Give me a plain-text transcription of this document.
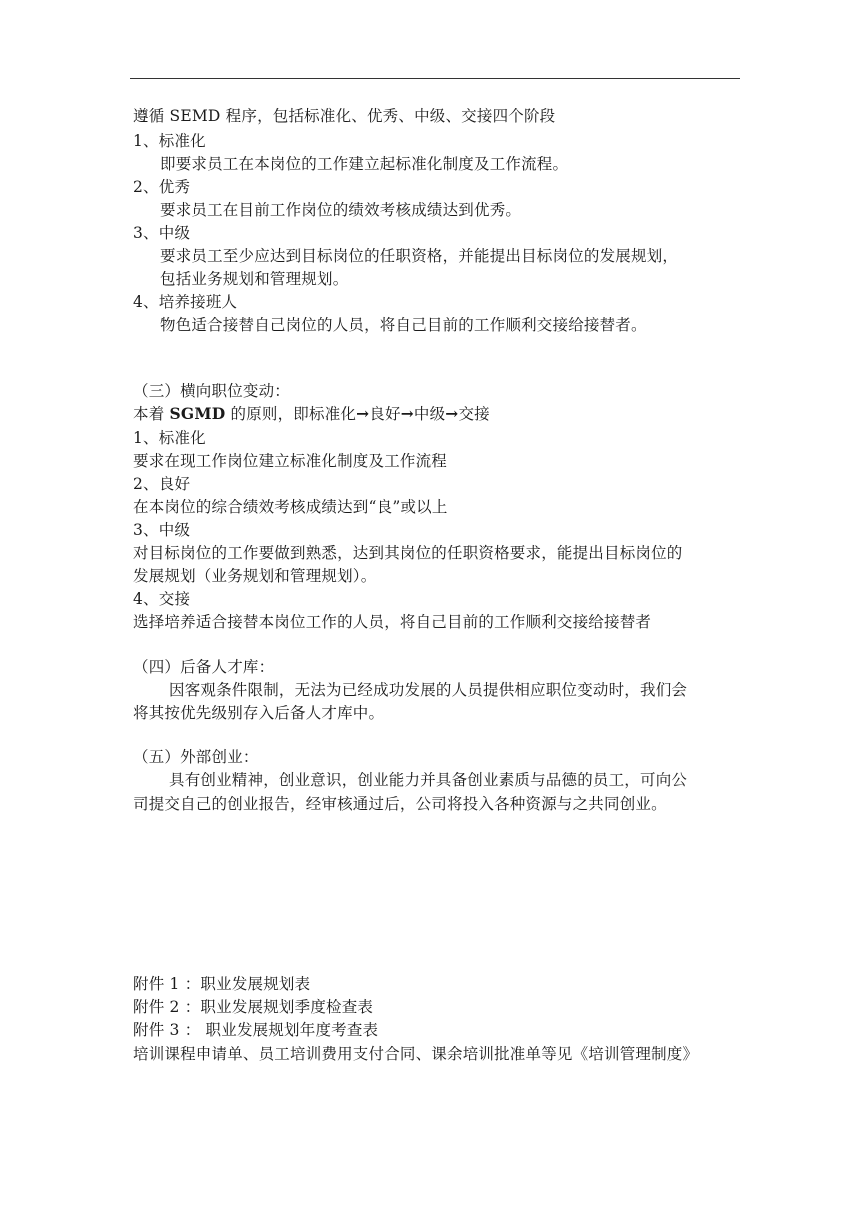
遵循 SEMD 程序，包括标准化、优秀、中级、交接四个阶段
1、标准化
即要求员工在本岗位的工作建立起标准化制度及工作流程。
2、优秀
要求员工在目前工作岗位的绩效考核成绩达到优秀。
3、中级
要求员工至少应达到目标岗位的任职资格，并能提出目标岗位的发展规划，
包括业务规划和管理规划。
4、培养接班人
物色适合接替自己岗位的人员，将自己目前的工作顺利交接给接替者。
（三）横向职位变动：
本着 SGMD 的原则，即标准化→良好→中级→交接
1、标准化
要求在现工作岗位建立标准化制度及工作流程
2、良好
在本岗位的综合绩效考核成绩达到“良”或以上
3、中级
对目标岗位的工作要做到熟悉，达到其岗位的任职资格要求，能提出目标岗位的
发展规划（业务规划和管理规划）。
4、交接
选择培养适合接替本岗位工作的人员，将自己目前的工作顺利交接给接替者
（四）后备人才库：
因客观条件限制，无法为已经成功发展的人员提供相应职位变动时，我们会
将其按优先级别存入后备人才库中。
（五）外部创业：
具有创业精神，创业意识，创业能力并具备创业素质与品德的员工，可向公
司提交自己的创业报告，经审核通过后，公司将投入各种资源与之共同创业。
附件 1 ：职业发展规划表
附件 2 ：职业发展规划季度检查表
附件 3 ： 职业发展规划年度考查表
培训课程申请单、员工培训费用支付合同、课余培训批准单等见《培训管理制度》
